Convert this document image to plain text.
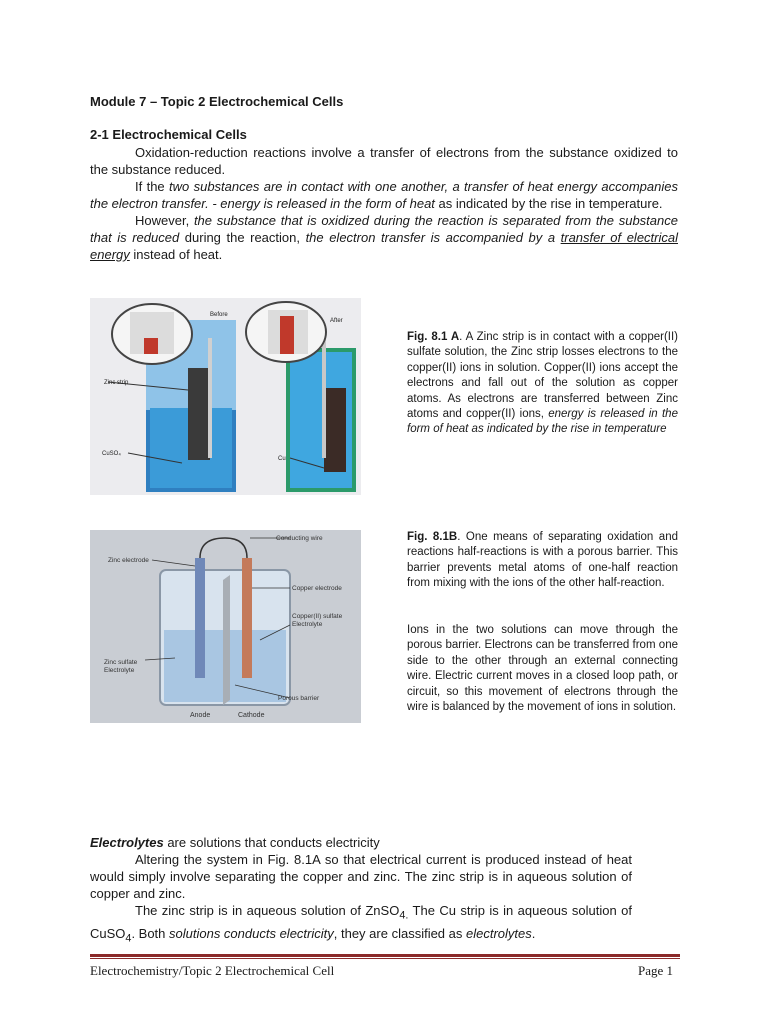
Module 7 – Topic 2 Electrochemical Cells
2-1 Electrochemical Cells

Oxidation-reduction reactions involve a transfer of electrons from the substance oxidized to the substance reduced.

If the two substances are in contact with one another, a transfer of heat energy accompanies the electron transfer. - energy is released in the form of heat as indicated by the rise in temperature.

However, the substance that is oxidized during the reaction is separated from the substance that is reduced during the reaction, the electron transfer is accompanied by a transfer of electrical energy instead of heat.

Before
After
Zinc strip
CuSO₄
Cu
Fig. 8.1 A. A Zinc strip is in contact with a copper(II) sulfate solution, the Zinc strip losses electrons to the copper(II) ions in solution. Copper(II) ions accept the electrons and fall out of the solution as copper atoms. As electrons are transferred between Zinc atoms and copper(II) ions, energy is released in the form of heat as indicated by the rise in temperature
Conducting wire
Zinc electrode
Copper electrode
Copper(II) sulfate
Electrolyte
Zinc sulfate
Electrolyte
Porous barrier
Anode	Cathode
Fig. 8.1B. One means of separating oxidation and reactions half-reactions is with a porous barrier. This barrier prevents metal atoms of one-half reaction from mixing with the ions of the other half-reaction.
Ions in the two solutions can move through the porous barrier. Electrons can be transferred from one side to the other through an external connecting wire. Electric current moves in a closed loop path, or circuit, so this movement of electrons through the wire is balanced by the movement of ions in solution.

Electrolytes are solutions that conducts electricity

Altering the system in Fig. 8.1A so that electrical current is produced instead of heat would simply involve separating the copper and zinc. The zinc strip is in aqueous solution of copper and zinc.

The zinc strip is in aqueous solution of ZnSO$_{4.}$ The Cu strip is in aqueous solution of CuSO$_4$. Both solutions conducts electricity, they are classified as electrolytes.

Electrochemistry/Topic 2 Electrochemical Cell	Page 1
